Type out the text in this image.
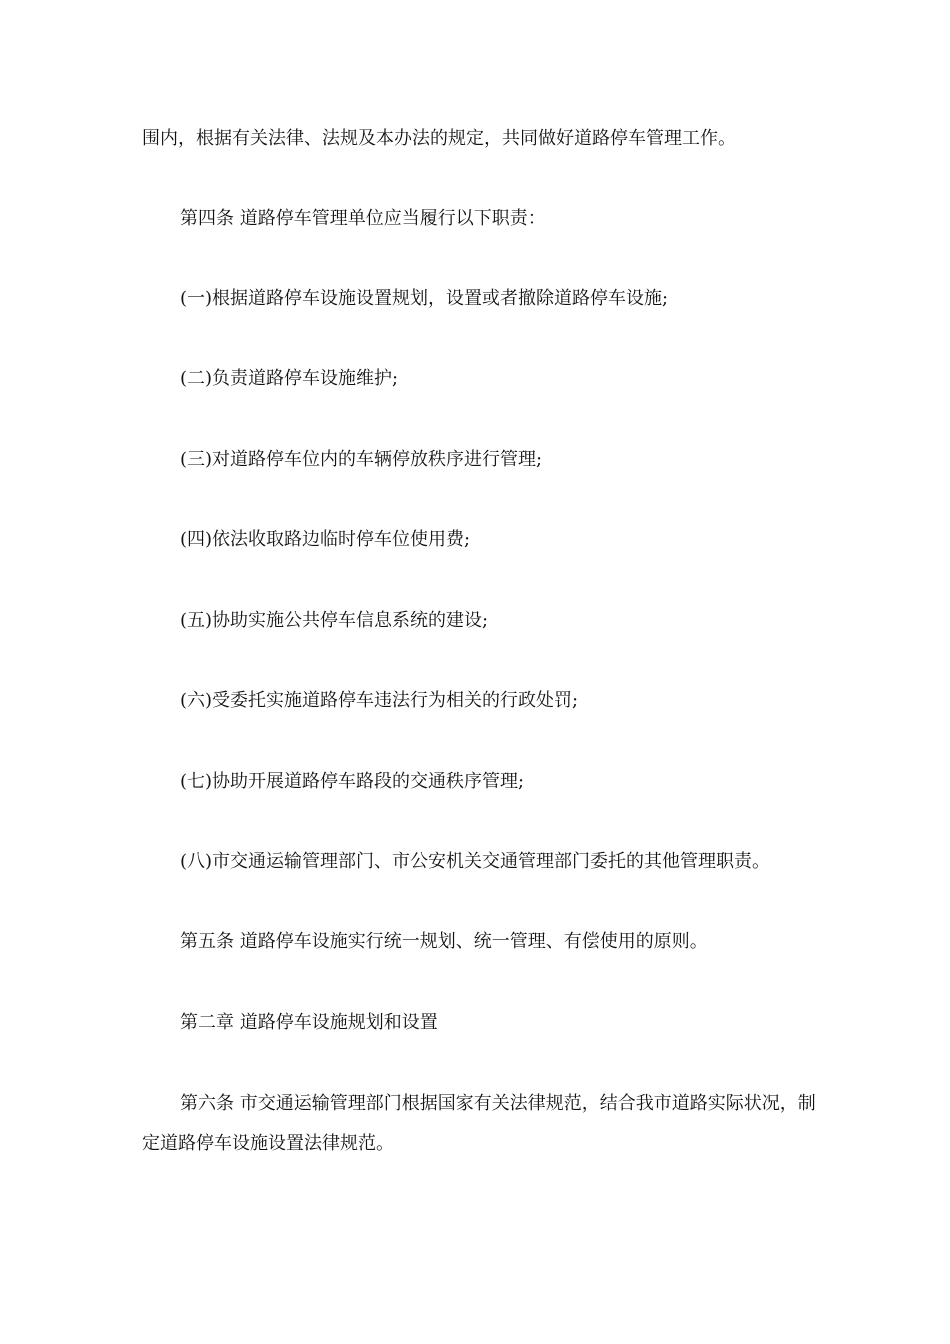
围内，根据有关法律、法规及本办法的规定，共同做好道路停车管理工作。

第四条 道路停车管理单位应当履行以下职责：

(一)根据道路停车设施设置规划，设置或者撤除道路停车设施;

(二)负责道路停车设施维护;

(三)对道路停车位内的车辆停放秩序进行管理;

(四)依法收取路边临时停车位使用费;

(五)协助实施公共停车信息系统的建设;

(六)受委托实施道路停车违法行为相关的行政处罚;

(七)协助开展道路停车路段的交通秩序管理;

(八)市交通运输管理部门、市公安机关交通管理部门委托的其他管理职责。

第五条 道路停车设施实行统一规划、统一管理、有偿使用的原则。

第二章 道路停车设施规划和设置

第六条 市交通运输管理部门根据国家有关法律规范，结合我市道路实际状况，制定道路停车设施设置法律规范。
